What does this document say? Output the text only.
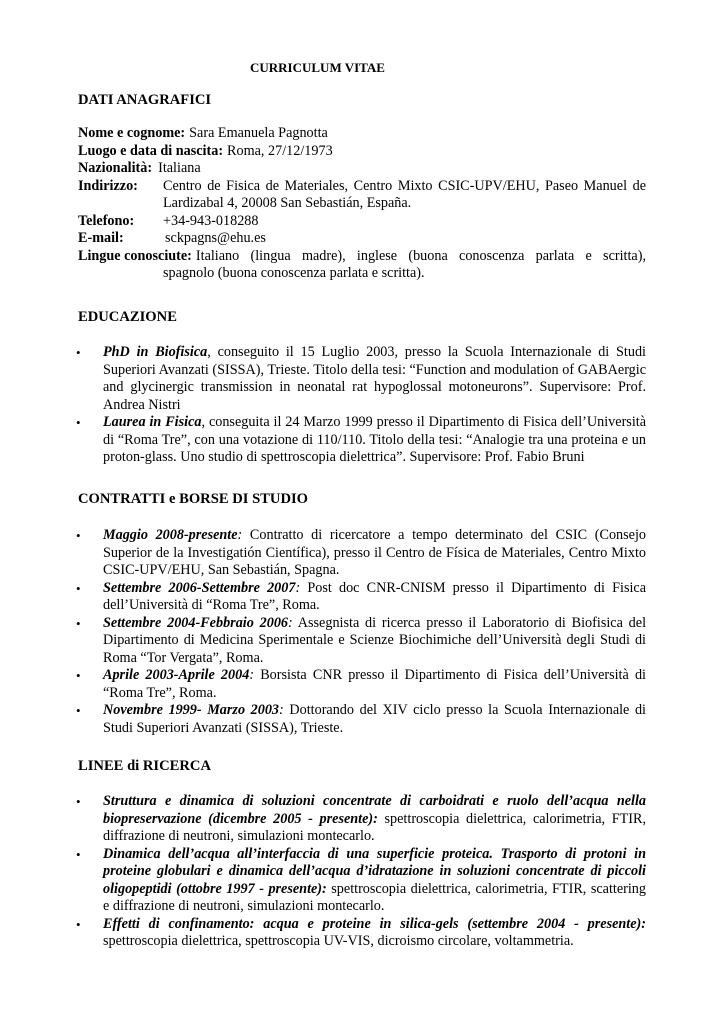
CURRICULUM VITAE
DATI ANAGRAFICI
Nome e cognome: Sara Emanuela Pagnotta
Luogo e data di nascita: Roma, 27/12/1973
Nazionalità: Italiana
Indirizzo:	Centro de Fisica de Materiales, Centro Mixto CSIC-UPV/EHU, Paseo Manuel de Lardizabal 4, 20008 San Sebastián, España.
Telefono:	+34-943-018288
E-mail:	sckpagns@ehu.es
Lingue conosciute: Italiano (lingua madre), inglese (buona conoscenza parlata e scritta),
spagnolo (buona conoscenza parlata e scritta).
EDUCAZIONE
• PhD in Biofisica, conseguito il 15 Luglio 2003, presso la Scuola Internazionale di Studi Superiori Avanzati (SISSA), Trieste. Titolo della tesi: “Function and modulation of GABAergic and glycinergic transmission in neonatal rat hypoglossal motoneurons”. Supervisore: Prof. Andrea Nistri
• Laurea in Fisica, conseguita il 24 Marzo 1999 presso il Dipartimento di Fisica dell’Università di “Roma Tre”, con una votazione di 110/110. Titolo della tesi: “Analogie tra una proteina e un proton-glass. Uno studio di spettroscopia dielettrica”. Supervisore: Prof. Fabio Bruni
CONTRATTI e BORSE DI STUDIO
• Maggio 2008-presente: Contratto di ricercatore a tempo determinato del CSIC (Consejo Superior de la Investigatión Científica), presso il Centro de Física de Materiales, Centro Mixto CSIC-UPV/EHU, San Sebastián, Spagna.
• Settembre 2006-Settembre 2007: Post doc CNR-CNISM presso il Dipartimento di Fisica dell’Università di “Roma Tre”, Roma.
• Settembre 2004-Febbraio 2006: Assegnista di ricerca presso il Laboratorio di Biofisica del Dipartimento di Medicina Sperimentale e Scienze Biochimiche dell’Università degli Studi di Roma “Tor Vergata”, Roma.
• Aprile 2003-Aprile 2004: Borsista CNR presso il Dipartimento di Fisica dell’Università di “Roma Tre”, Roma.
• Novembre 1999- Marzo 2003: Dottorando del XIV ciclo presso la Scuola Internazionale di Studi Superiori Avanzati (SISSA), Trieste.
LINEE di RICERCA
• Struttura e dinamica di soluzioni concentrate di carboidrati e ruolo dell’acqua nella biopreservazione (dicembre 2005 - presente): spettroscopia dielettrica, calorimetria, FTIR, diffrazione di neutroni, simulazioni montecarlo.
• Dinamica dell’acqua all’interfaccia di una superficie proteica. Trasporto di protoni in proteine globulari e dinamica dell’acqua d’idratazione in soluzioni concentrate di piccoli oligopeptidi (ottobre 1997 - presente): spettroscopia dielettrica, calorimetria, FTIR, scattering e diffrazione di neutroni, simulazioni montecarlo.
• Effetti di confinamento: acqua e proteine in silica-gels (settembre 2004 - presente): spettroscopia dielettrica, spettroscopia UV-VIS, dicroismo circolare, voltammetria.
